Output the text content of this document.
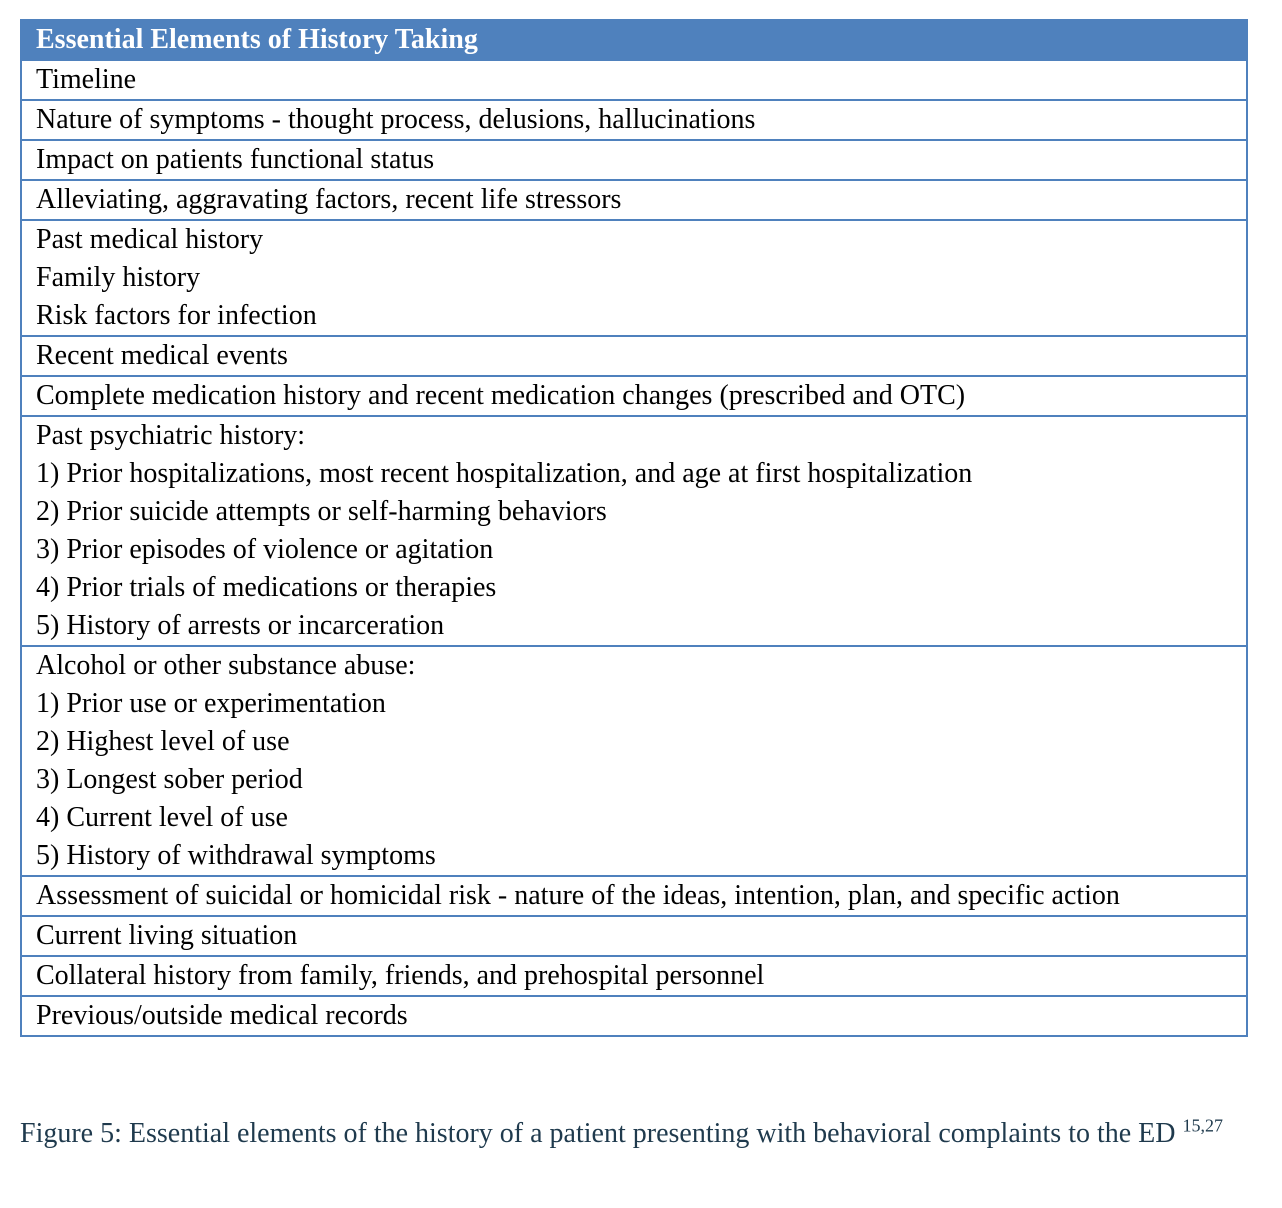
Essential Elements of History Taking

Timeline

Nature of symptoms - thought process, delusions, hallucinations

Impact on patients functional status

Alleviating, aggravating factors, recent life stressors

Past medical history
Family history
Risk factors for infection

Recent medical events

Complete medication history and recent medication changes (prescribed and OTC)

Past psychiatric history:
1) Prior hospitalizations, most recent hospitalization, and age at first hospitalization
2) Prior suicide attempts or self-harming behaviors
3) Prior episodes of violence or agitation
4) Prior trials of medications or therapies
5) History of arrests or incarceration

Alcohol or other substance abuse:
1) Prior use or experimentation
2) Highest level of use
3) Longest sober period
4) Current level of use
5) History of withdrawal symptoms

Assessment of suicidal or homicidal risk - nature of the ideas, intention, plan, and specific action

Current living situation

Collateral history from family, friends, and prehospital personnel

Previous/outside medical records
Figure 5: Essential elements of the history of a patient presenting with behavioral complaints to the ED $^{15,27}$
